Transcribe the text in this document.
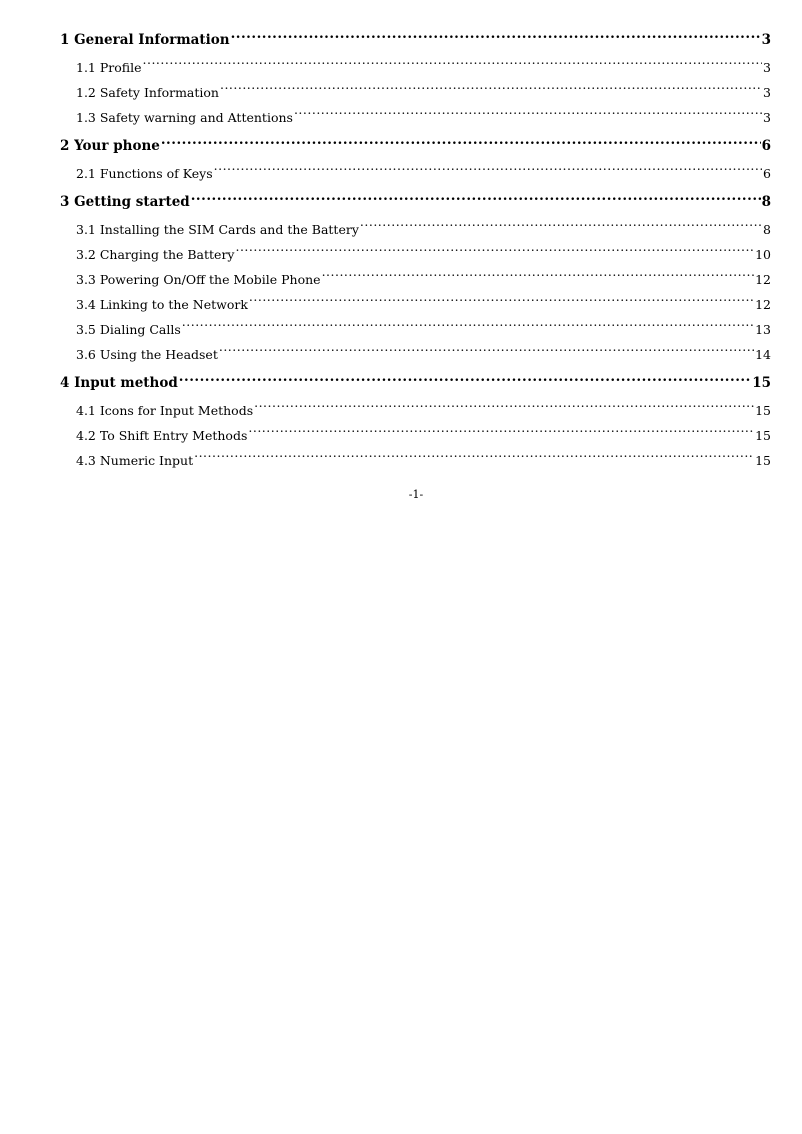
1 General Information .....	3
1.1 Profile .....	3
1.2 Safety Information .....	3
1.3 Safety warning and Attentions .....	3
2 Your phone .....	6
2.1 Functions of Keys .....	6
3 Getting started .....	8
3.1 Installing the SIM Cards and the Battery .....	8
3.2 Charging the Battery .....	10
3.3 Powering On/Off the Mobile Phone .....	12
3.4 Linking to the Network .....	12
3.5 Dialing Calls .....	13
3.6 Using the Headset .....	14
4 Input method .....	15
4.1 Icons for Input Methods .....	15
4.2 To Shift Entry Methods .....	15
4.3 Numeric Input .....	15
-1-
